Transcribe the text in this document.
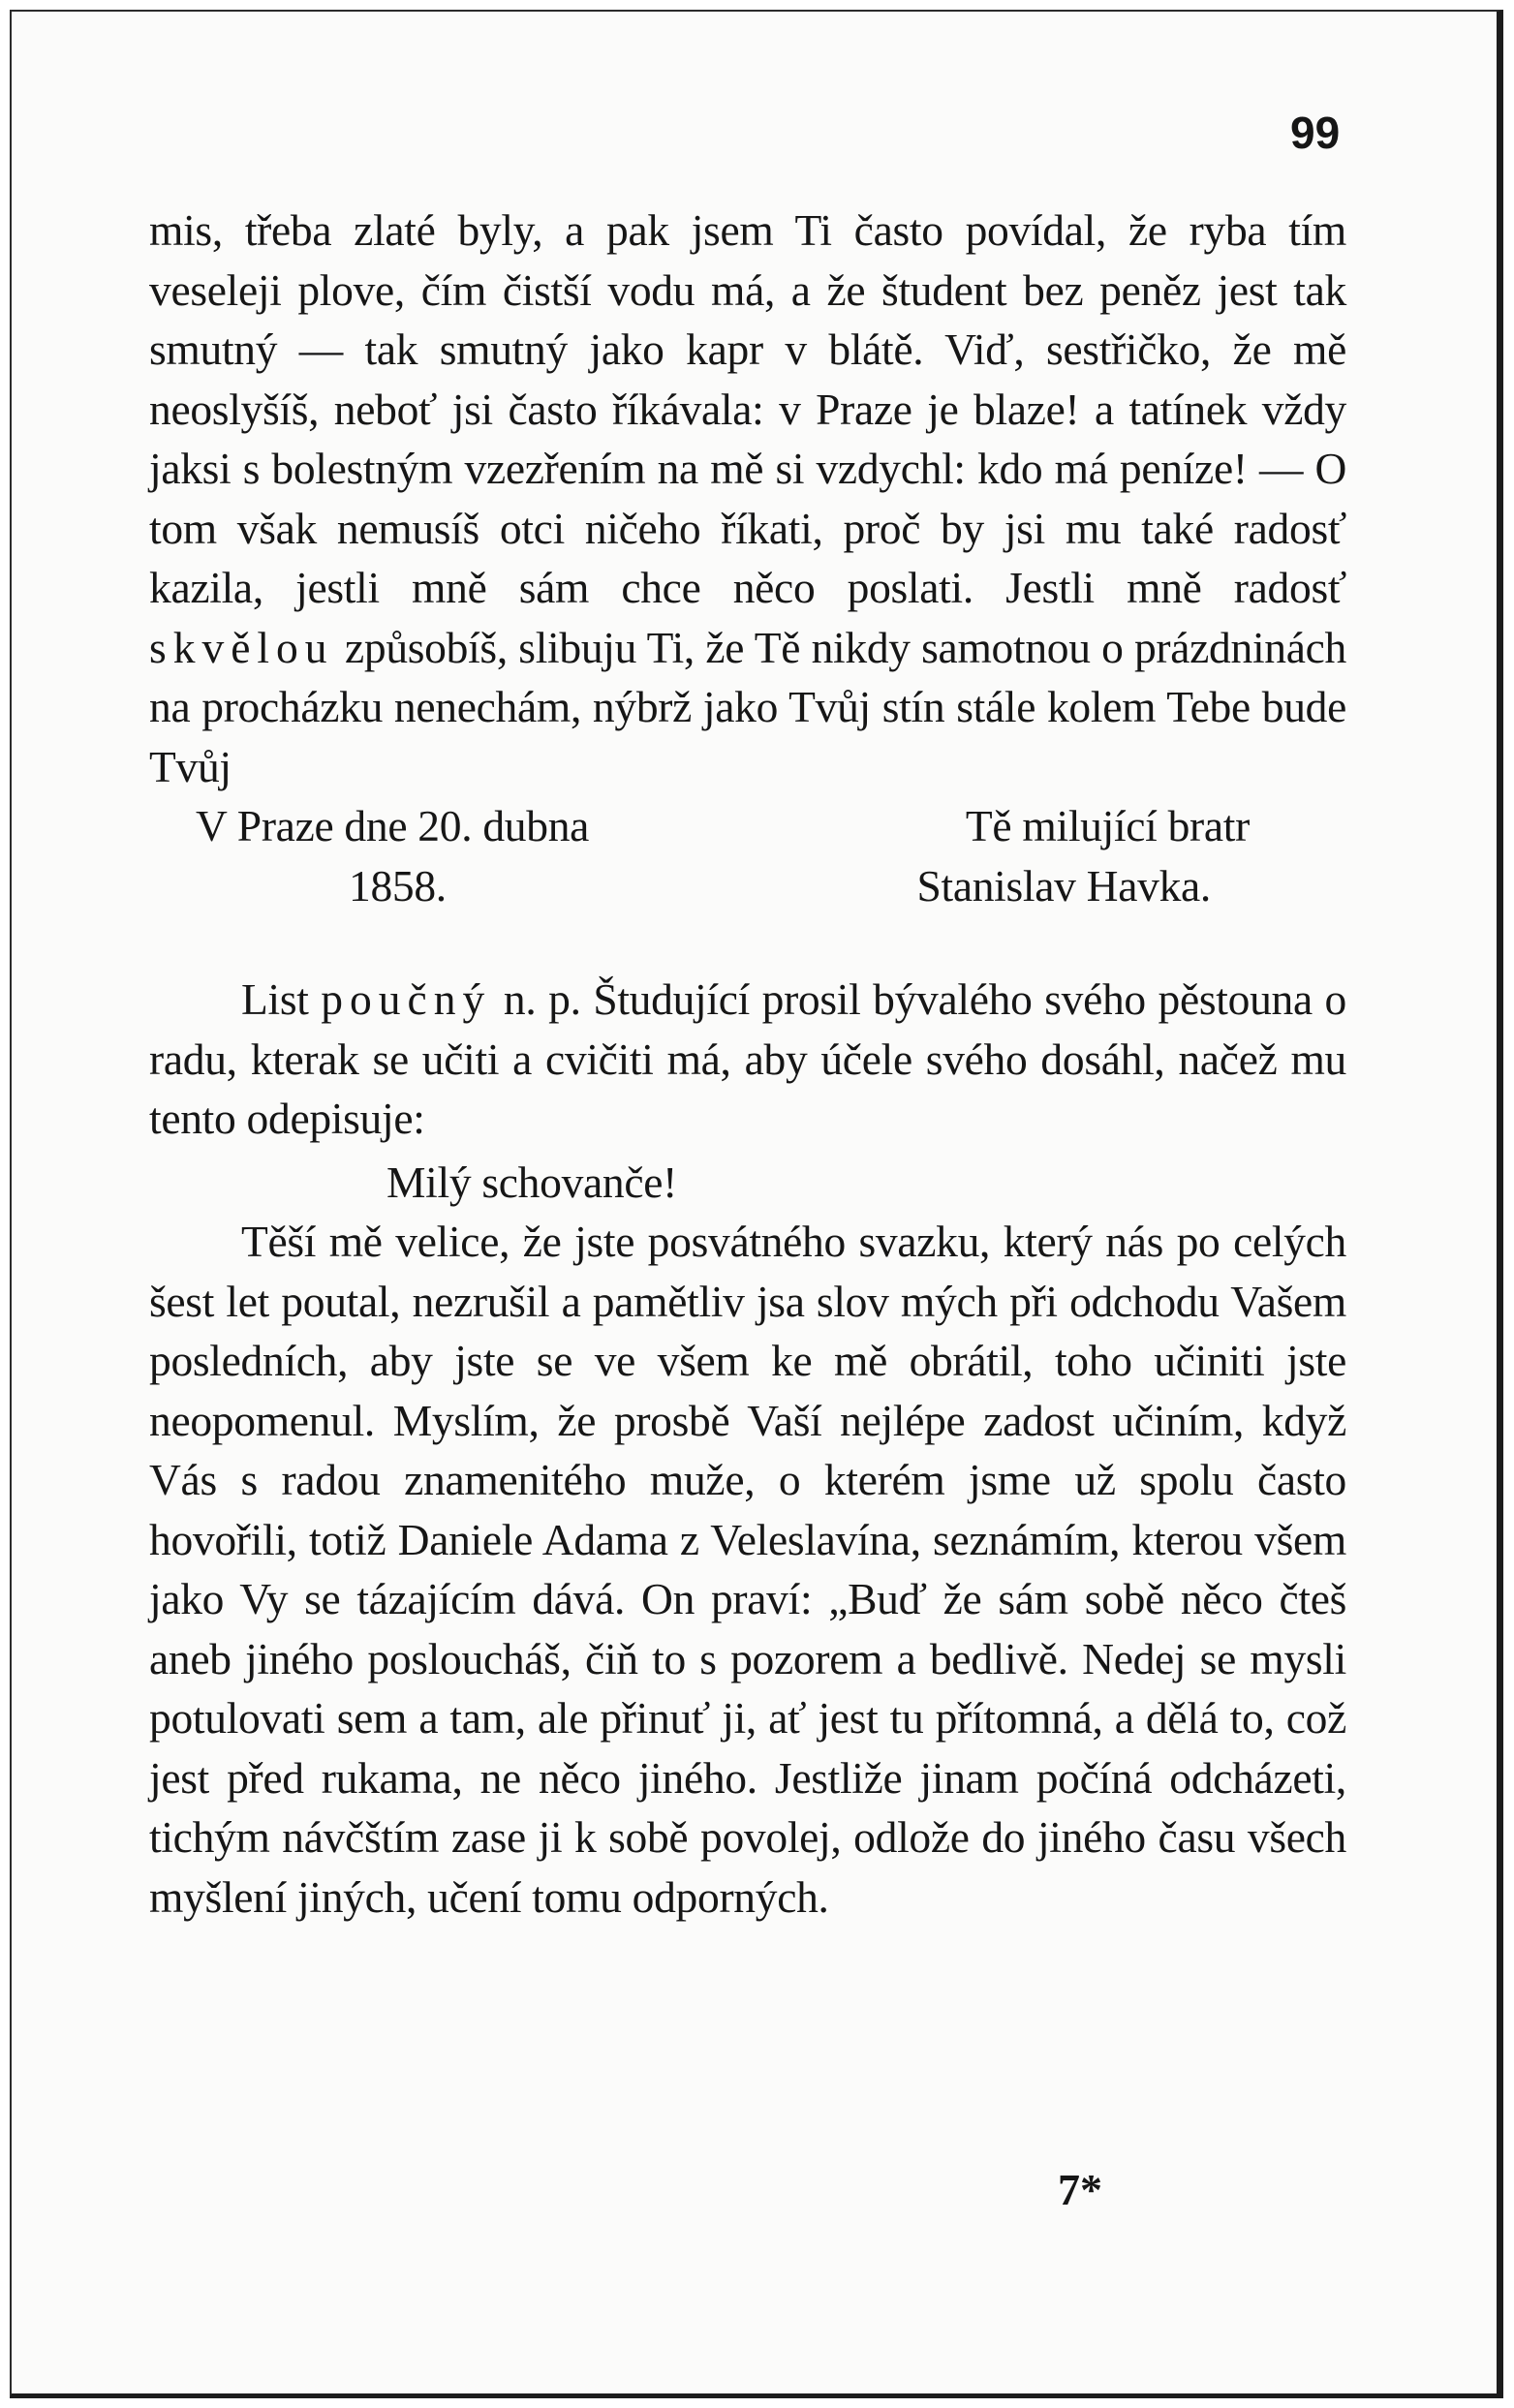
99

mis, třeba zlaté byly, a pak jsem Ti často povídal, že ryba tím veseleji plove, čím čistší vodu má, a že študent bez peněz jest tak smutný — tak smutný jako kapr v blátě. Viď, sestřičko, že mě neoslyšíš, neboť jsi často říkávala: v Praze je blaze! a tatínek vždy jaksi s bolestným vzezřením na mě si vzdychl: kdo má peníze! — O tom však nemusíš otci ničeho říkati, proč by jsi mu také radosť kazila, jestli mně sám chce něco poslati. Jestli mně radosť skvělou způsobíš, slibuju Ti, že Tě nikdy samotnou o prázdninách na procházku nenechám, nýbrž jako Tvůj stín stále kolem Tebe bude Tvůj

V Praze dne 20. dubna	Tě milující bratr
1858.	Stanislav Havka.

List poučný n. p. Študující prosil bývalého svého pěstouna o radu, kterak se učiti a cvičiti má, aby účele svého dosáhl, načež mu tento odepisuje:

Milý schovanče!

Těší mě velice, že jste posvátného svazku, který nás po celých šest let poutal, nezrušil a pamětliv jsa slov mých při odchodu Vašem posledních, aby jste se ve všem ke mě obrátil, toho učiniti jste neopomenul. Myslím, že prosbě Vaší nejlépe zadost učiním, když Vás s radou znamenitého muže, o kterém jsme už spolu často hovořili, totiž Daniele Adama z Veleslavína, seznámím, kterou všem jako Vy se tázajícím dává. On praví: „Buď že sám sobě něco čteš aneb jiného posloucháš, čiň to s pozorem a bedlivě. Nedej se mysli potulovati sem a tam, ale přinuť ji, ať jest tu přítomná, a dělá to, což jest před rukama, ne něco jiného. Jestliže jinam počíná odcházeti, tichým návčštím zase ji k sobě povolej, odlože do jiného času všech myšlení jiných, učení tomu odporných.

7*
